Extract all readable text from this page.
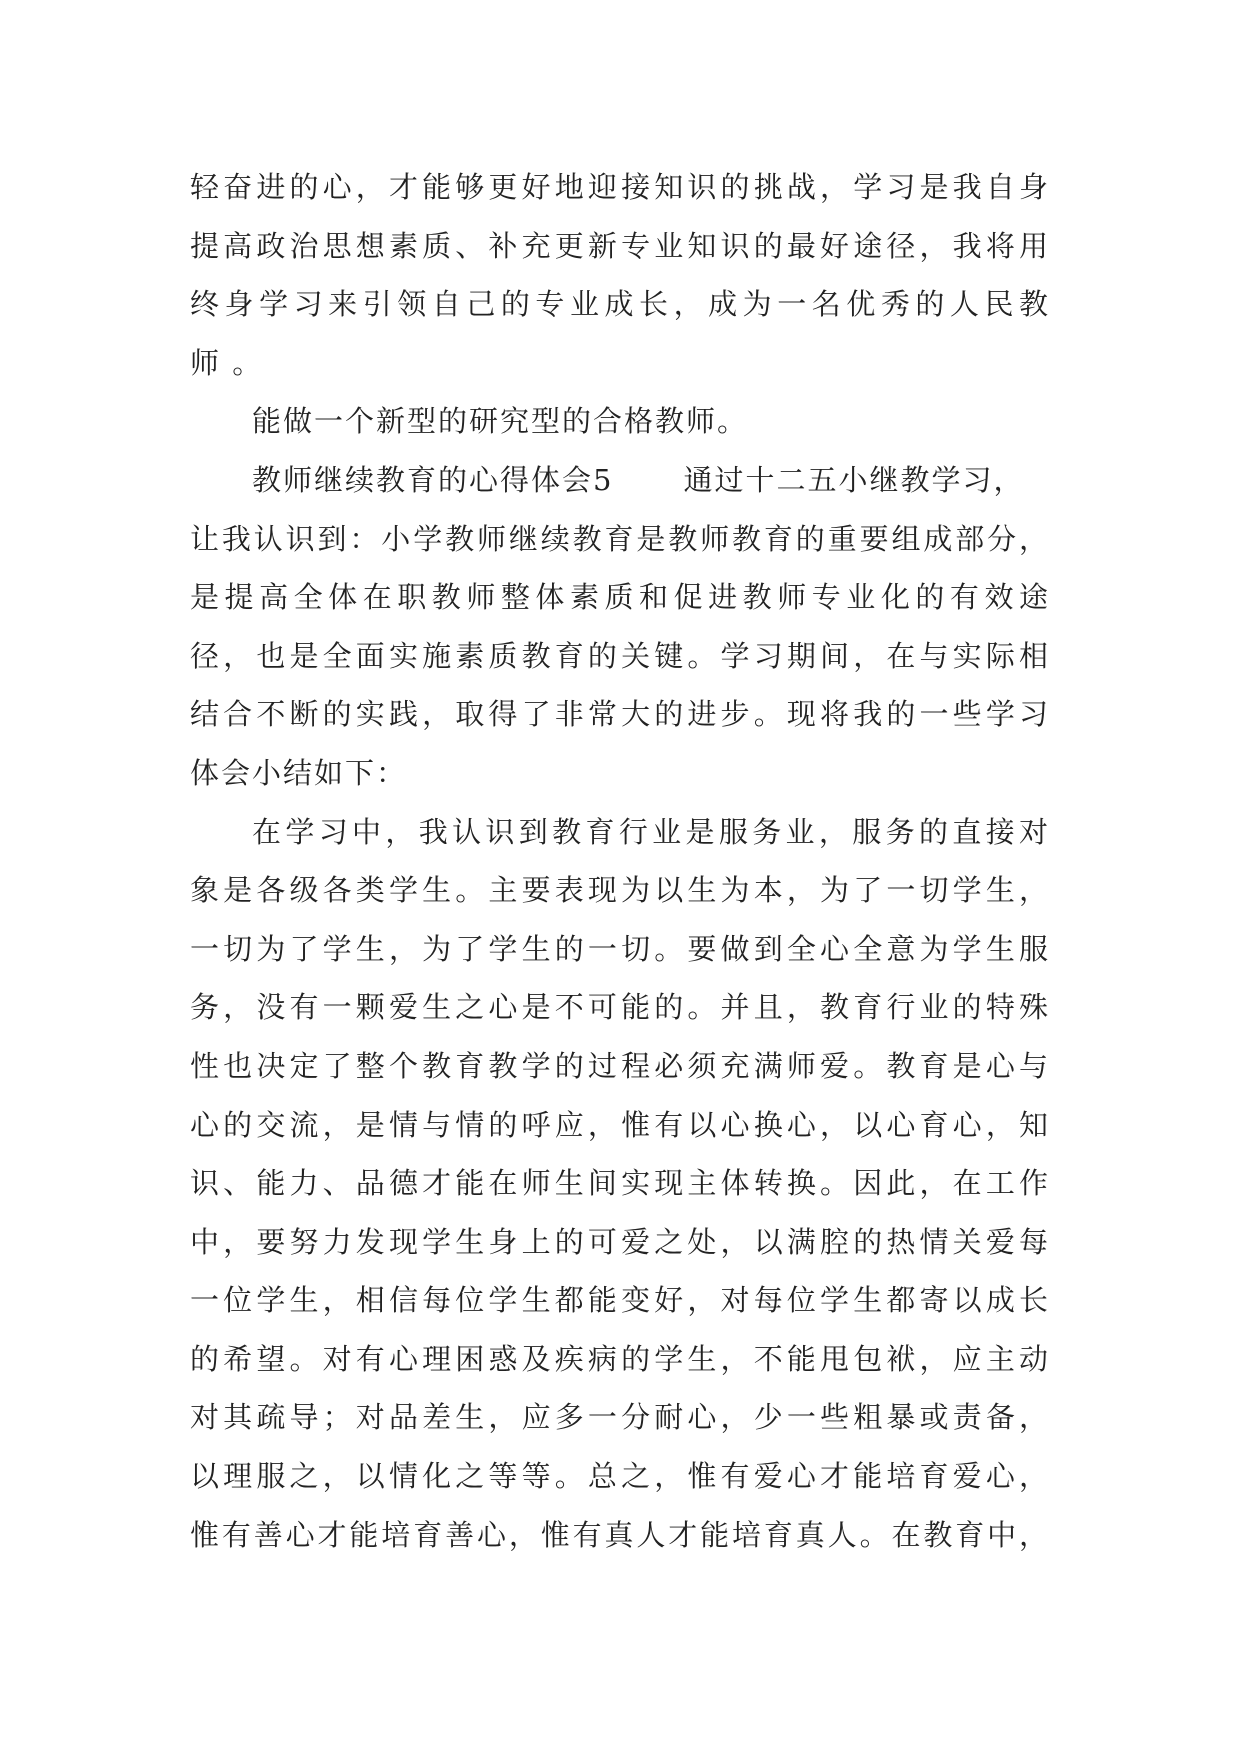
轻奋进的心，才能够更好地迎接知识的挑战，学习是我自身
提高政治思想素质、补充更新专业知识的最好途径，我将用
终身学习来引领自己的专业成长，成为一名优秀的人民教
师 。
能做一个新型的研究型的合格教师。
教师继续教育的心得体会5 通过十二五小继教学习，
让我认识到：小学教师继续教育是教师教育的重要组成部分，
是提高全体在职教师整体素质和促进教师专业化的有效途
径，也是全面实施素质教育的关键。学习期间，在与实际相
结合不断的实践，取得了非常大的进步。现将我的一些学习
体会小结如下：
在学习中，我认识到教育行业是服务业，服务的直接对
象是各级各类学生。主要表现为以生为本，为了一切学生，
一切为了学生，为了学生的一切。要做到全心全意为学生服
务，没有一颗爱生之心是不可能的。并且，教育行业的特殊
性也决定了整个教育教学的过程必须充满师爱。教育是心与
心的交流，是情与情的呼应，惟有以心换心，以心育心，知
识、能力、品德才能在师生间实现主体转换。因此，在工作
中，要努力发现学生身上的可爱之处，以满腔的热情关爱每
一位学生，相信每位学生都能变好，对每位学生都寄以成长
的希望。对有心理困惑及疾病的学生，不能甩包袱，应主动
对其疏导；对品差生，应多一分耐心，少一些粗暴或责备，
以理服之，以情化之等等。总之，惟有爱心才能培育爱心，
惟有善心才能培育善心，惟有真人才能培育真人。在教育中，
